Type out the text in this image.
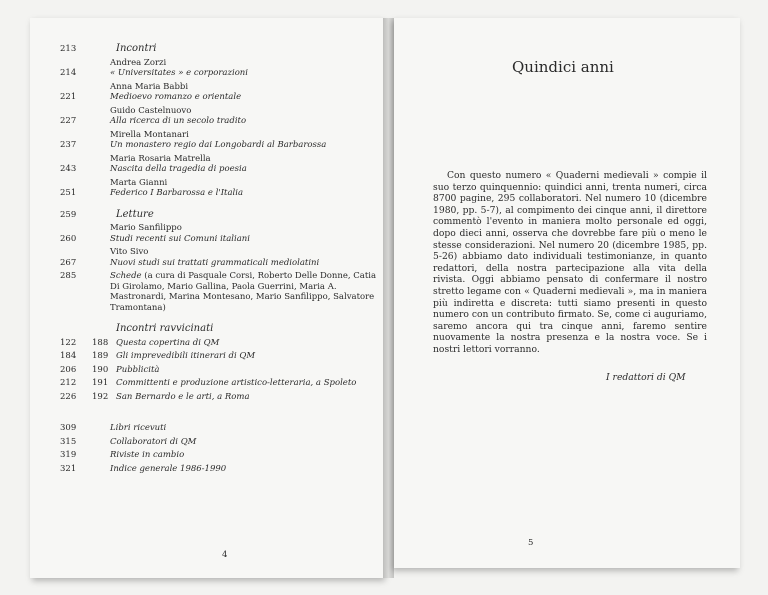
213	Incontri
Andrea Zorzi
214	« Universitates » e corporazioni
Anna Maria Babbi
221	Medioevo romanzo e orientale
Guido Castelnuovo
227	Alla ricerca di un secolo tradito
Mirella Montanari
237	Un monastero regio dai Longobardi al Barbarossa
Maria Rosaria Matrella
243	Nascita della tragedia di poesia
Marta Gianni
251	Federico I Barbarossa e l'Italia
259	Letture
Mario Sanfilippo
260	Studi recenti sui Comuni italiani
Vito Sivo
267	Nuovi studi sui trattati grammaticali mediolatini
285	Schede (a cura di Pasquale Corsi, Roberto Delle Donne, Catia Di Girolamo, Mario Gallina, Paola Guerrini, Maria A. Mastronardi, Marina Montesano, Mario Sanfilippo, Salvatore Tramontana)
Incontri ravvicinati
122	188 Questa copertina di QM
184	189 Gli imprevedibili itinerari di QM
206	190 Pubblicità
212	191 Committenti e produzione artistico-letteraria, a Spoleto
226	192 San Bernardo e le arti, a Roma
309	Libri ricevuti
315	Collaboratori di QM
319	Riviste in cambio
321	Indice generale 1986-1990
4
Quindici anni
Con questo numero « Quaderni medievali » compie il suo terzo quinquennio: quindici anni, trenta numeri, circa 8700 pagine, 295 collaboratori. Nel numero 10 (dicembre 1980, pp. 5-7), al compimento dei cinque anni, il direttore commentò l'evento in maniera molto personale ed oggi, dopo dieci anni, osserva che dovrebbe fare più o meno le stesse considerazioni. Nel numero 20 (dicembre 1985, pp. 5-26) abbiamo dato individuali testimonianze, in quanto redattori, della nostra partecipazione alla vita della rivista. Oggi abbiamo pensato di confermare il nostro stretto legame con « Quaderni medievali », ma in maniera più indiretta e discreta: tutti siamo presenti in questo numero con un contributo firmato. Se, come ci auguriamo, saremo ancora qui tra cinque anni, faremo sentire nuovamente la nostra presenza e la nostra voce. Se i nostri lettori vorranno.
I redattori di QM
5
